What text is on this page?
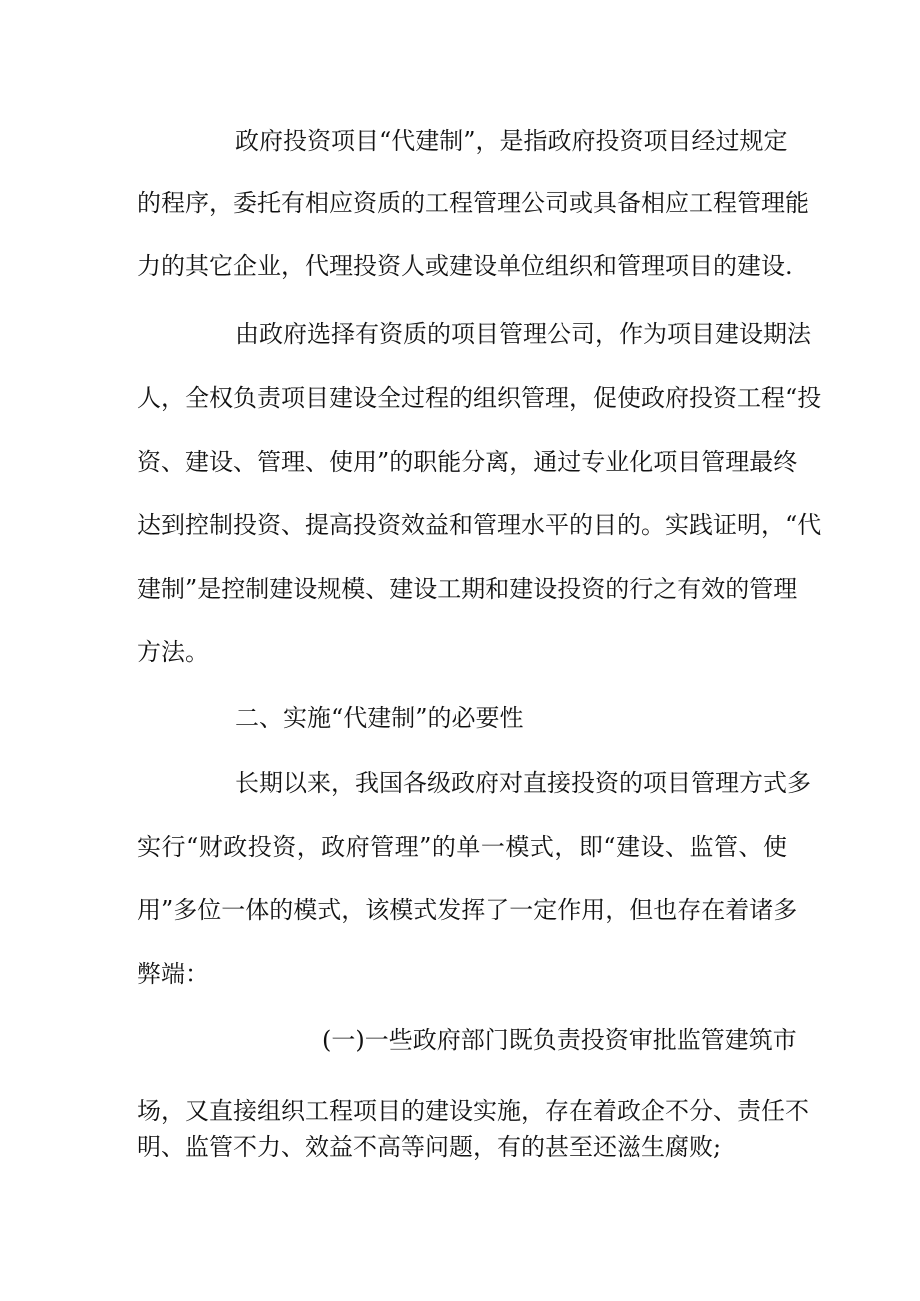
政府投资项目“代建制”，是指政府投资项目经过规定
的程序，委托有相应资质的工程管理公司或具备相应工程管理能
力的其它企业，代理投资人或建设单位组织和管理项目的建设.
由政府选择有资质的项目管理公司，作为项目建设期法
人，全权负责项目建设全过程的组织管理，促使政府投资工程“投
资、建设、管理、使用”的职能分离，通过专业化项目管理最终
达到控制投资、提高投资效益和管理水平的目的。实践证明，“代
建制”是控制建设规模、建设工期和建设投资的行之有效的管理
方法。
二、实施“代建制”的必要性
长期以来，我国各级政府对直接投资的项目管理方式多
实行“财政投资，政府管理”的单一模式，即“建设、监管、使
用”多位一体的模式，该模式发挥了一定作用，但也存在着诸多
弊端：
(一)一些政府部门既负责投资审批监管建筑市
场，又直接组织工程项目的建设实施，存在着政企不分、责任不
明、监管不力、效益不高等问题，有的甚至还滋生腐败;
